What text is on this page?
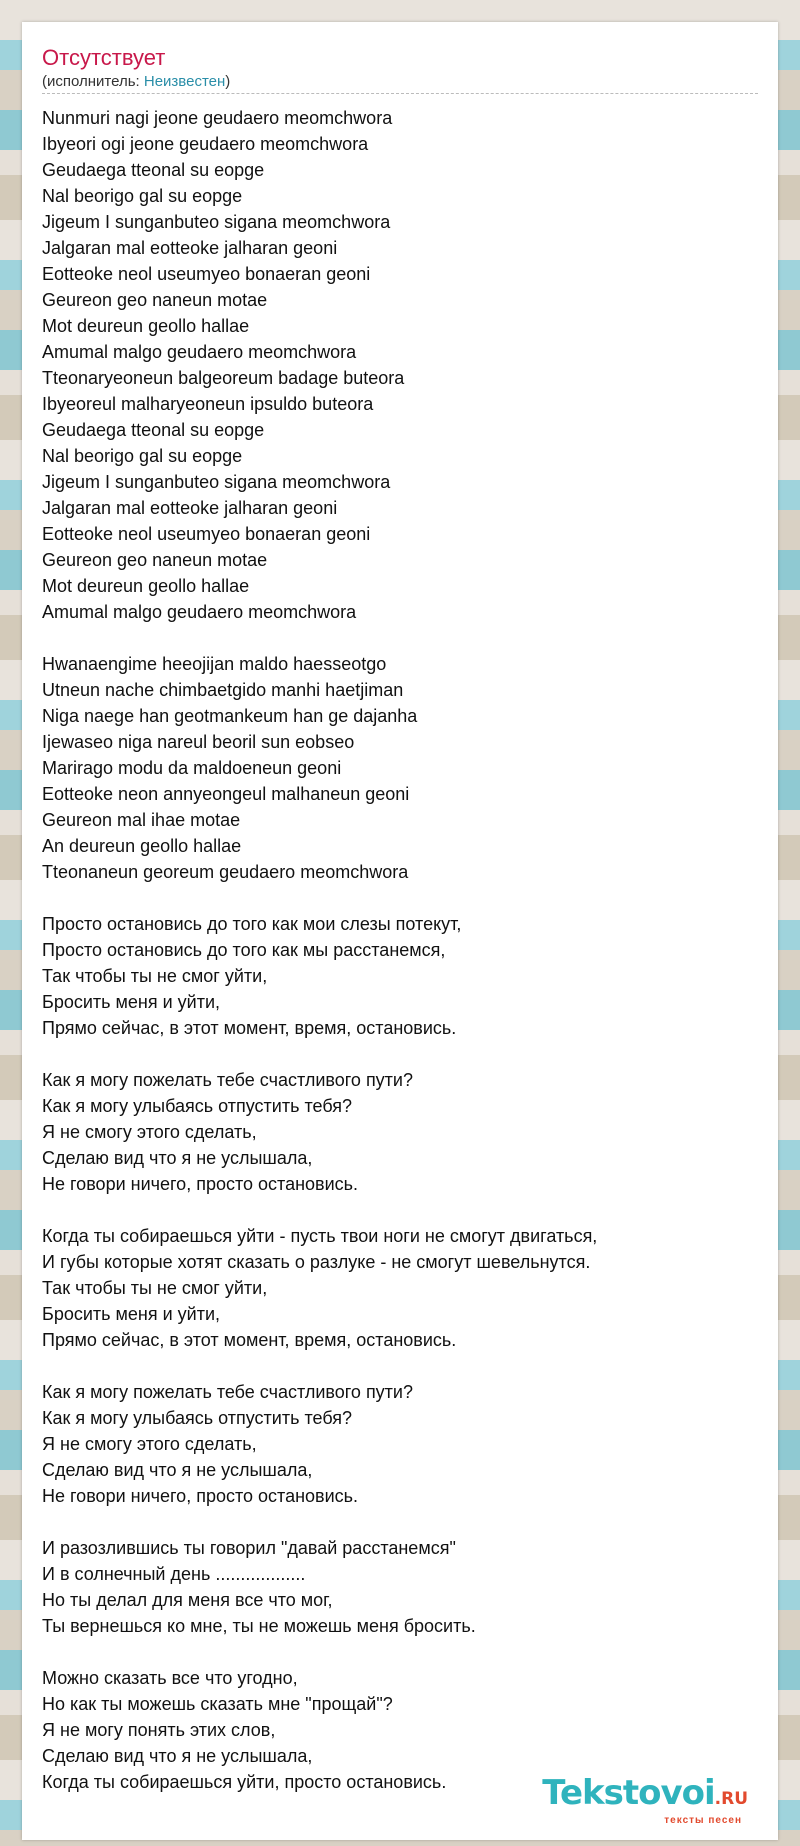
Отсутствует
(исполнитель: Неизвестен)
Nunmuri nagi jeone geudaero meomchwora
Ibyeori ogi jeone geudaero meomchwora
Geudaega tteonal su eopge
Nal beorigo gal su eopge
Jigeum I sunganbuteo sigana meomchwora
Jalgaran mal eotteoke jalharan geoni
Eotteoke neol useumyeo bonaeran geoni
Geureon geo naneun motae
Mot deureun geollo hallae
Amumal malgo geudaero meomchwora
Tteonaryeoneun balgeoreum badage buteora
Ibyeoreul malharyeoneun ipsuldo buteora
Geudaega tteonal su eopge
Nal beorigo gal su eopge
Jigeum I sunganbuteo sigana meomchwora
Jalgaran mal eotteoke jalharan geoni
Eotteoke neol useumyeo bonaeran geoni
Geureon geo naneun motae
Mot deureun geollo hallae
Amumal malgo geudaero meomchwora
Hwanaengime heeojijan maldo haesseotgo
Utneun nache chimbaetgido manhi haetjiman
Niga naege han geotmankeum han ge dajanha
Ijewaseo niga nareul beoril sun eobseo
Marirago modu da maldoeneun geoni
Eotteoke neon annyeongeul malhaneun geoni
Geureon mal ihae motae
An deureun geollo hallae
Tteonaneun georeum geudaero meomchwora
Просто остановись до того как мои слезы потекут,
Просто остановись до того как мы расстанемся,
Так чтобы ты не смог уйти,
Бросить меня и уйти,
Прямо сейчас, в этот момент, время, остановись.
Как я могу пожелать тебе счастливого пути?
Как я могу улыбаясь отпустить тебя?
Я не смогу этого сделать,
Сделаю вид что я не услышала,
Не говори ничего, просто остановись.
Когда ты собираешься уйти - пусть твои ноги не смогут двигаться,
И губы которые хотят сказать о разлуке - не смогут шевельнутся.
Так чтобы ты не смог уйти,
Бросить меня и уйти,
Прямо сейчас, в этот момент, время, остановись.
Как я могу пожелать тебе счастливого пути?
Как я могу улыбаясь отпустить тебя?
Я не смогу этого сделать,
Сделаю вид что я не услышала,
Не говори ничего, просто остановись.
И разозлившись ты говорил "давай расстанемся"
И в солнечный день ..................
Но ты делал для меня все что мог,
Ты вернешься ко мне, ты не можешь меня бросить.
Можно сказать все что угодно,
Но как ты можешь сказать мне "прощай"?
Я не могу понять этих слов,
Сделаю вид что я не услышала,
Когда ты собираешься уйти, просто остановись.	Tekstovoi.RU
тексты песен
